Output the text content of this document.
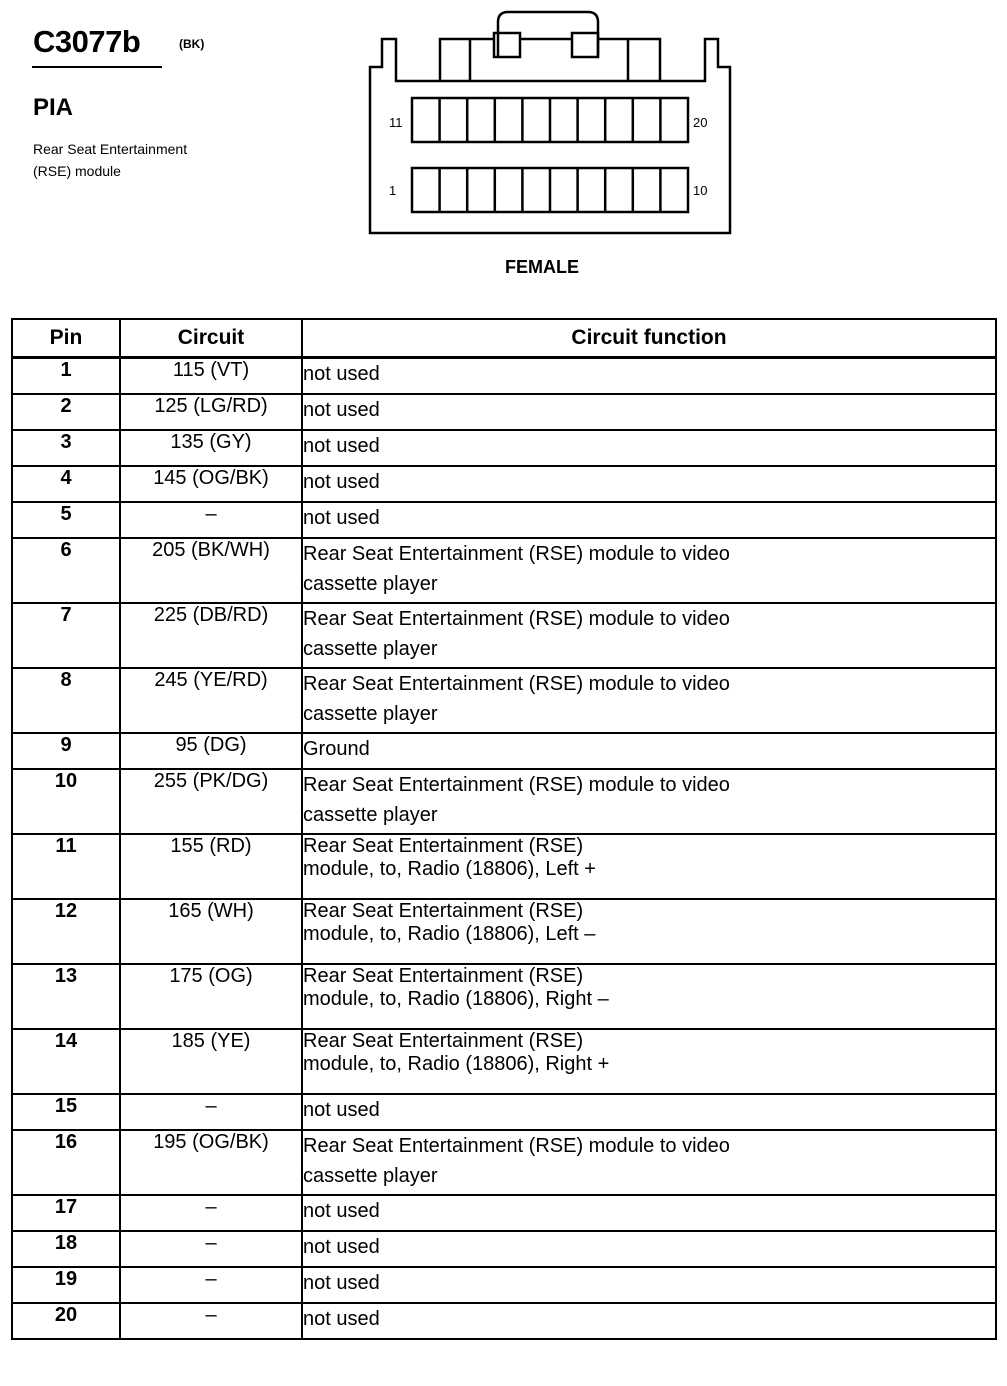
C3077b	(BK)
PIA
Rear Seat Entertainment
(RSE) module
11	20
1	10
FEMALE
Pin	Circuit	Circuit function
1	115 (VT)	not used

2	125 (LG/RD)	not used

3	135 (GY)	not used

4	145 (OG/BK)	not used

5	–	not used

6	205 (BK/WH)	Rear Seat Entertainment (RSE) module to video
cassette player

7	225 (DB/RD)	Rear Seat Entertainment (RSE) module to video
cassette player

8	245 (YE/RD)	Rear Seat Entertainment (RSE) module to video
cassette player

9	95 (DG)	Ground

10	255 (PK/DG)	Rear Seat Entertainment (RSE) module to video
cassette player

11	155 (RD)	Rear Seat Entertainment (RSE)
module, to, Radio (18806), Left +

12	165 (WH)	Rear Seat Entertainment (RSE)
module, to, Radio (18806), Left –

13	175 (OG)	Rear Seat Entertainment (RSE)
module, to, Radio (18806), Right –

14	185 (YE)	Rear Seat Entertainment (RSE)
module, to, Radio (18806), Right +

15	–	not used

16	195 (OG/BK)	Rear Seat Entertainment (RSE) module to video
cassette player

17	–	not used

18	–	not used

19	–	not used

20	–	not used
